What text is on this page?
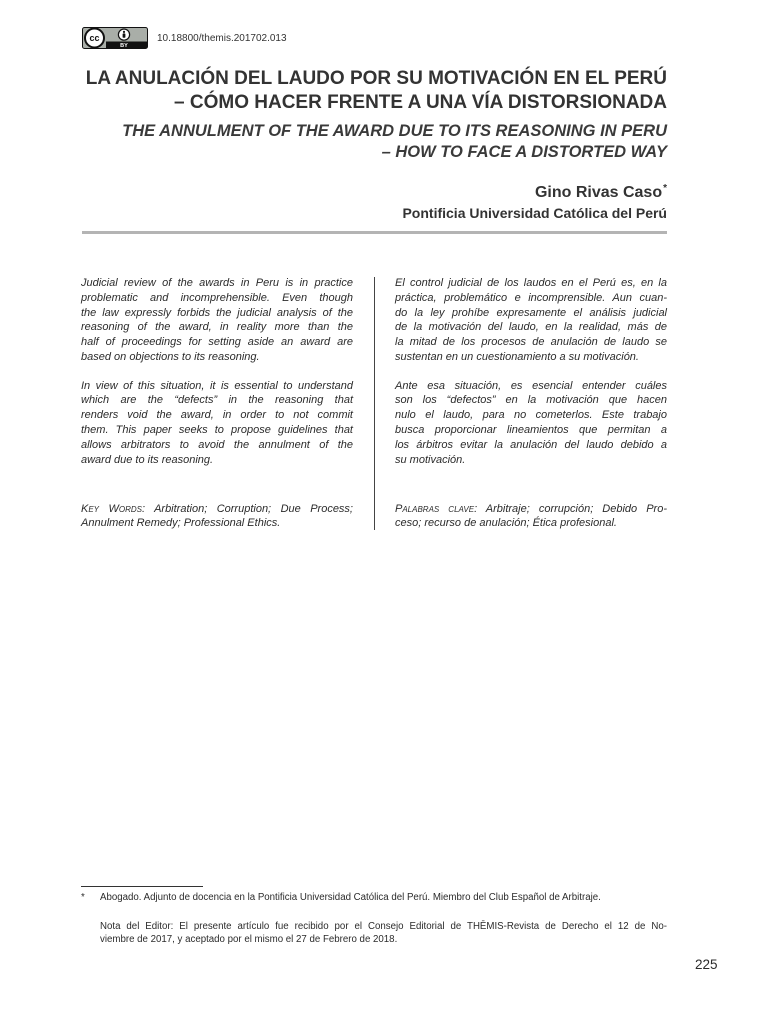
cc
BY
10.18800/themis.201702.013
LA ANULACIÓN DEL LAUDO POR SU MOTIVACIÓN EN EL PERÚ
– CÓMO HACER FRENTE A UNA VÍA DISTORSIONADA
THE ANNULMENT OF THE AWARD DUE TO ITS REASONING IN PERU
– HOW TO FACE A DISTORTED WAY
Gino Rivas Caso*
Pontificia Universidad Católica del Perú
Judicial review of the awards in Peru is in practice
problematic and incomprehensible. Even though
the law expressly forbids the judicial analysis of the
reasoning of the award, in reality more than the
half of proceedings for setting aside an award are
based on objections to its reasoning.
In view of this situation, it is essential to understand
which are the “defects” in the reasoning that
renders void the award, in order to not commit
them. This paper seeks to propose guidelines that
allows arbitrators to avoid the annulment of the
award due to its reasoning.
Key Words: Arbitration; Corruption; Due Process;
Annulment Remedy; Professional Ethics.
El control judicial de los laudos en el Perú es, en la
práctica, problemático e incomprensible. Aun cuan-
do la ley prohíbe expresamente el análisis judicial
de la motivación del laudo, en la realidad, más de
la mitad de los procesos de anulación de laudo se
sustentan en un cuestionamiento a su motivación.
Ante esa situación, es esencial entender cuáles
son los “defectos” en la motivación que hacen
nulo el laudo, para no cometerlos. Este trabajo
busca proporcionar lineamientos que permitan a
los árbitros evitar la anulación del laudo debido a
su motivación.
Palabras clave: Arbitraje; corrupción; Debido Pro-
ceso; recurso de anulación; Ética profesional.
*	Abogado. Adjunto de docencia en la Pontificia Universidad Católica del Perú. Miembro del Club Español de Arbitraje.
Nota del Editor: El presente artículo fue recibido por el Consejo Editorial de THĒMIS-Revista de Derecho el 12 de No-
viembre de 2017, y aceptado por el mismo el 27 de Febrero de 2018.
225
